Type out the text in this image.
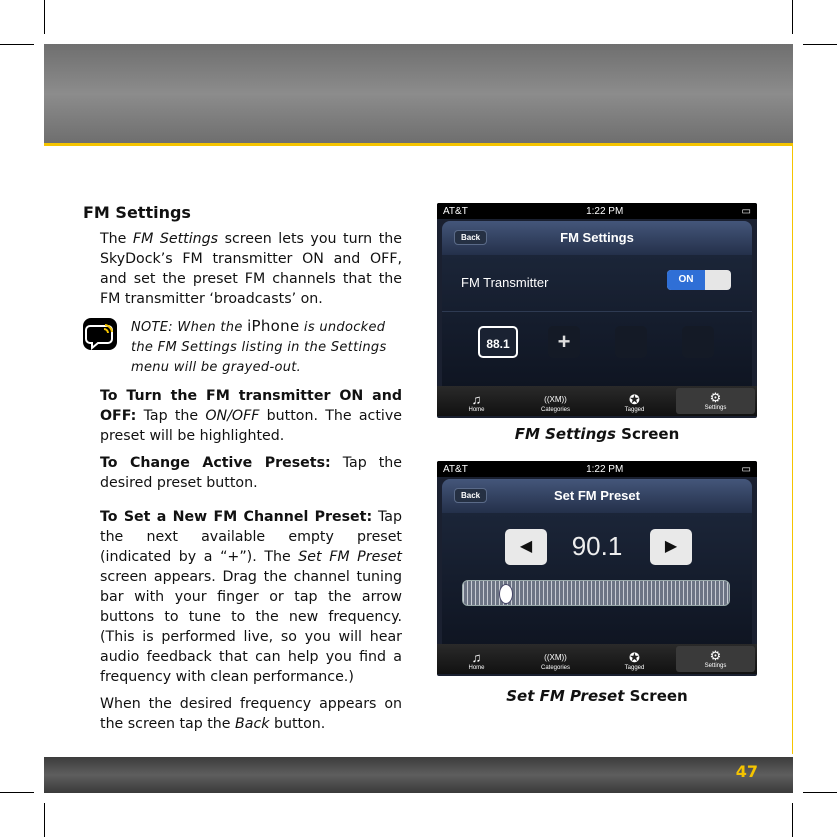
FM Settings

The FM Settings screen lets you turn the SkyDock’s FM transmitter ON and OFF, and set the preset FM channels that the FM transmitter ‘broadcasts’ on.

NOTE: When the iPhone is undocked the FM Settings listing in the Settings menu will be grayed-out.

To Turn the FM transmitter ON and OFF: Tap the ON/OFF button. The active preset will be highlighted.

To Change Active Presets: Tap the desired preset button.

To Set a New FM Channel Preset: Tap the next available empty preset (indicated by a “+”). The Set FM Preset screen appears. Drag the channel tuning bar with your finger or tap the arrow buttons to tune to the new frequency. (This is performed live, so you will hear audio feedback that can help you find a frequency with clean performance.)

When the desired frequency appears on the screen tap the Back button.

AT&T	1:22 PM	▭
Back	FM Settings
FM Transmitter	ON
88.1	+
♫
Home
((XM))
Categories
✪
Tagged
⚙
Settings
FM Settings Screen
AT&T	1:22 PM	▭
Back	Set FM Preset
◀	90.1	▶
♫
Home
((XM))
Categories
✪
Tagged
⚙
Settings
Set FM Preset Screen
47
